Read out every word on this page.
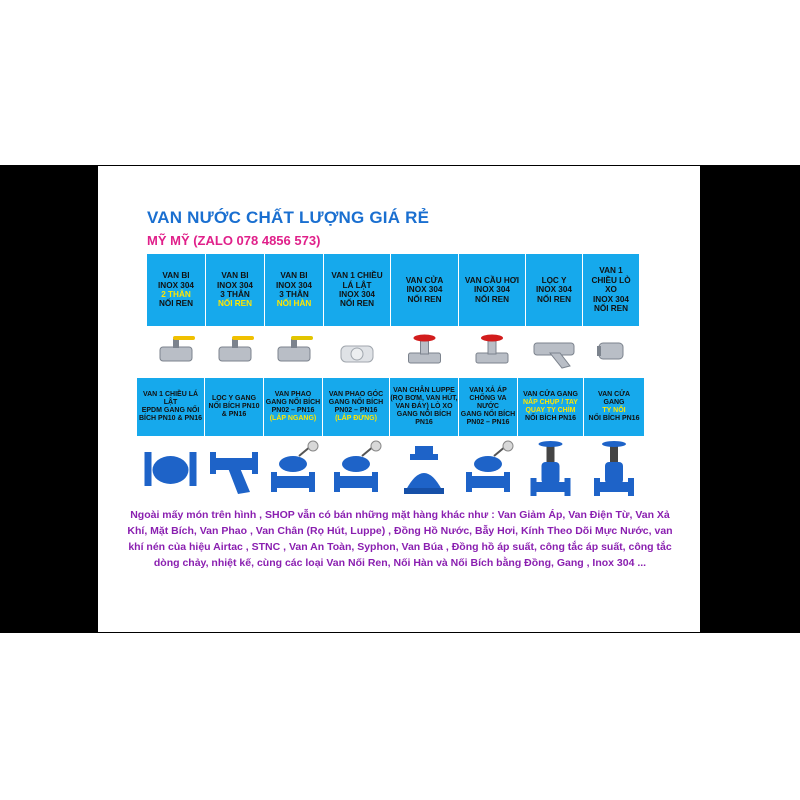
VAN NƯỚC CHẤT LƯỢNG GIÁ RẺ
MỸ MỸ (ZALO 078 4856 573)
VAN BI
INOX 304
2 THÂN
NỐI REN
VAN BI
INOX 304
3 THÂN
NỐI REN
VAN BI
INOX 304
3 THÂN
NỐI HÀN
VAN 1 CHIỀU
LÁ LẬT
INOX 304
NỐI REN
VAN CỬA
INOX 304
NỐI REN
VAN CẦU HƠI
INOX 304
NỐI REN
LỌC Y
INOX 304
NỐI REN
VAN 1
CHIỀU LÒ
XO
INOX 304
NỐI REN
VAN 1 CHIỀU LÁ LẬT
EPDM GANG NỐI
BÍCH PN10 & PN16
LỌC Y GANG
NỐI BÍCH PN10
& PN16
VAN PHAO
GANG NỐI BÍCH
PN02 – PN16
(LẮP NGANG)
VAN PHAO GÓC
GANG NỐI BÍCH
PN02 – PN16
(LẮP ĐỨNG)
VAN CHÂN LUPPE
(RỌ BƠM, VAN HÚT,
VAN ĐÁY) LÒ XO
GANG NỐI BÍCH PN16
VAN XẢ ÁP
CHỐNG VA NƯỚC
GANG NỐI BÍCH
PN02 – PN16
VAN CỬA GANG
NẮP CHỤP / TAY QUAY TY CHÌM
NỐI BÍCH PN16
VAN CỬA
GANG
TY NỔI
NỐI BÍCH PN16
Ngoài mấy món trên hình , SHOP vẫn có bán những mặt hàng khác như : Van Giảm Áp, Van Điện Từ, Van Xả Khí, Mặt Bích, Van Phao , Van Chân (Rọ Hút, Luppe) , Đồng Hồ Nước, Bẫy Hơi, Kính Theo Dõi Mực Nước, van khí nén của hiệu Airtac , STNC , Van An Toàn, Syphon, Van Búa , Đồng hồ áp suất, công tắc áp suất, công tắc dòng chảy, nhiệt kế, cùng các loại Van Nối Ren, Nối Hàn và Nối Bích bằng Đồng, Gang , Inox 304 ...
